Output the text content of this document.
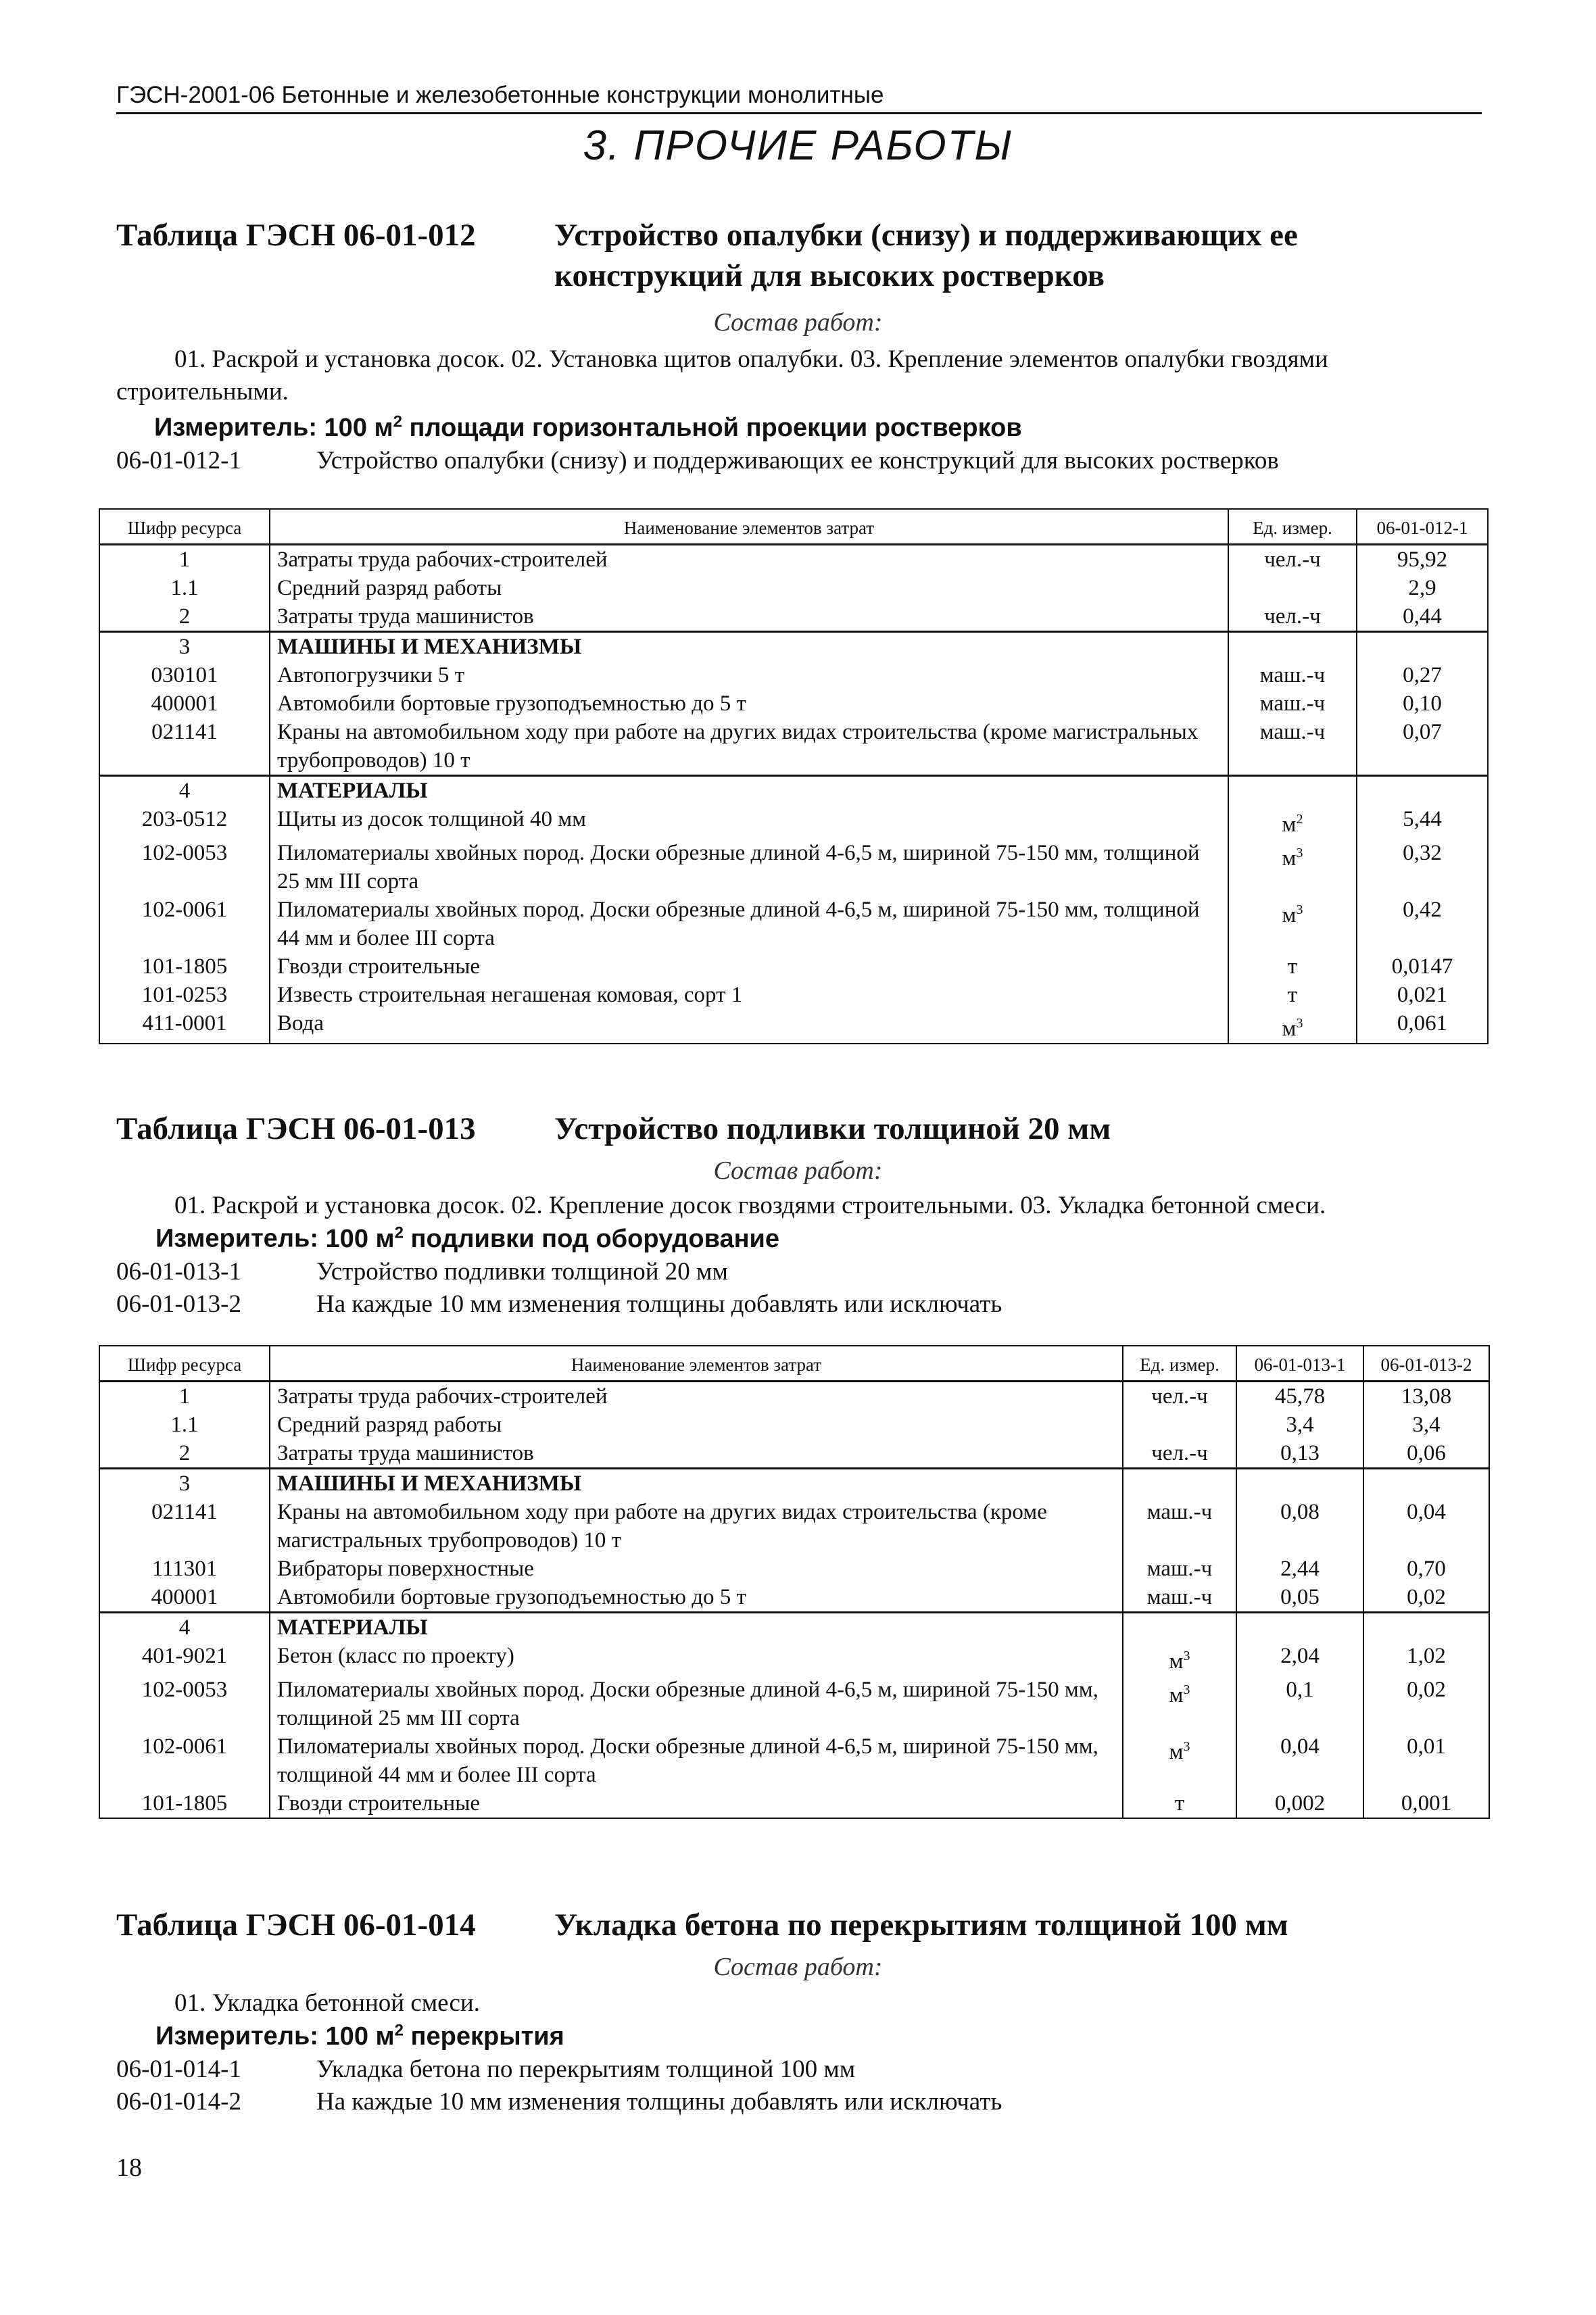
ГЭСН-2001-06 Бетонные и железобетонные конструкции монолитные
3. ПРОЧИЕ РАБОТЫ
Таблица ГЭСН 06-01-012 Устройство опалубки (снизу) и поддерживающих ее конструкций для высоких ростверков
Состав работ:
01. Раскрой и установка досок. 02. Установка щитов опалубки. 03. Крепление элементов опалубки гвоздями строительными.
Измеритель: 100 $м^2$ площади горизонтальной проекции ростверков
06-01-012-1	Устройство опалубки (снизу) и поддерживающих ее конструкций для высоких ростверков
Шифр ресурса	Наименование элементов затрат	Ед. измер.	06-01-012-1
1	Затраты труда рабочих-строителей	чел.-ч	95,92
1.1	Средний разряд работы		2,9
2	Затраты труда машинистов	чел.-ч	0,44
3	МАШИНЫ И МЕХАНИЗМЫ		
030101	Автопогрузчики 5 т	маш.-ч	0,27
400001	Автомобили бортовые грузоподъемностью до 5 т	маш.-ч	0,10
021141	Краны на автомобильном ходу при работе на других видах строительства (кроме магистральных трубопроводов) 10 т	маш.-ч	0,07
4	МАТЕРИАЛЫ		
203-0512	Щиты из досок толщиной 40 мм	$м^2$	5,44
102-0053	Пиломатериалы хвойных пород. Доски обрезные длиной 4-6,5 м, шириной 75-150 мм, толщиной 25 мм III сорта	$м^3$	0,32
102-0061	Пиломатериалы хвойных пород. Доски обрезные длиной 4-6,5 м, шириной 75-150 мм, толщиной 44 мм и более III сорта	$м^3$	0,42
101-1805	Гвозди строительные	т	0,0147
101-0253	Известь строительная негашеная комовая, сорт 1	т	0,021
411-0001	Вода	$м^3$	0,061
Таблица ГЭСН 06-01-013 Устройство подливки толщиной 20 мм
Состав работ:
01. Раскрой и установка досок. 02. Крепление досок гвоздями строительными. 03. Укладка бетонной смеси.
Измеритель: 100 $м^2$ подливки под оборудование
06-01-013-1	Устройство подливки толщиной 20 мм
06-01-013-2	На каждые 10 мм изменения толщины добавлять или исключать
Шифр ресурса	Наименование элементов затрат	Ед. измер.	06-01-013-1	06-01-013-2
1	Затраты труда рабочих-строителей	чел.-ч	45,78	13,08
1.1	Средний разряд работы		3,4	3,4
2	Затраты труда машинистов	чел.-ч	0,13	0,06
3	МАШИНЫ И МЕХАНИЗМЫ			
021141	Краны на автомобильном ходу при работе на других видах строительства (кроме магистральных трубопроводов) 10 т	маш.-ч	0,08	0,04
111301	Вибраторы поверхностные	маш.-ч	2,44	0,70
400001	Автомобили бортовые грузоподъемностью до 5 т	маш.-ч	0,05	0,02
4	МАТЕРИАЛЫ			
401-9021	Бетон (класс по проекту)	$м^3$	2,04	1,02
102-0053	Пиломатериалы хвойных пород. Доски обрезные длиной 4-6,5 м, шириной 75-150 мм, толщиной 25 мм III сорта	$м^3$	0,1	0,02
102-0061	Пиломатериалы хвойных пород. Доски обрезные длиной 4-6,5 м, шириной 75-150 мм, толщиной 44 мм и более III сорта	$м^3$	0,04	0,01
101-1805	Гвозди строительные	т	0,002	0,001
Таблица ГЭСН 06-01-014 Укладка бетона по перекрытиям толщиной 100 мм
Состав работ:
01. Укладка бетонной смеси.
Измеритель: 100 $м^2$ перекрытия
06-01-014-1	Укладка бетона по перекрытиям толщиной 100 мм
06-01-014-2	На каждые 10 мм изменения толщины добавлять или исключать
18
